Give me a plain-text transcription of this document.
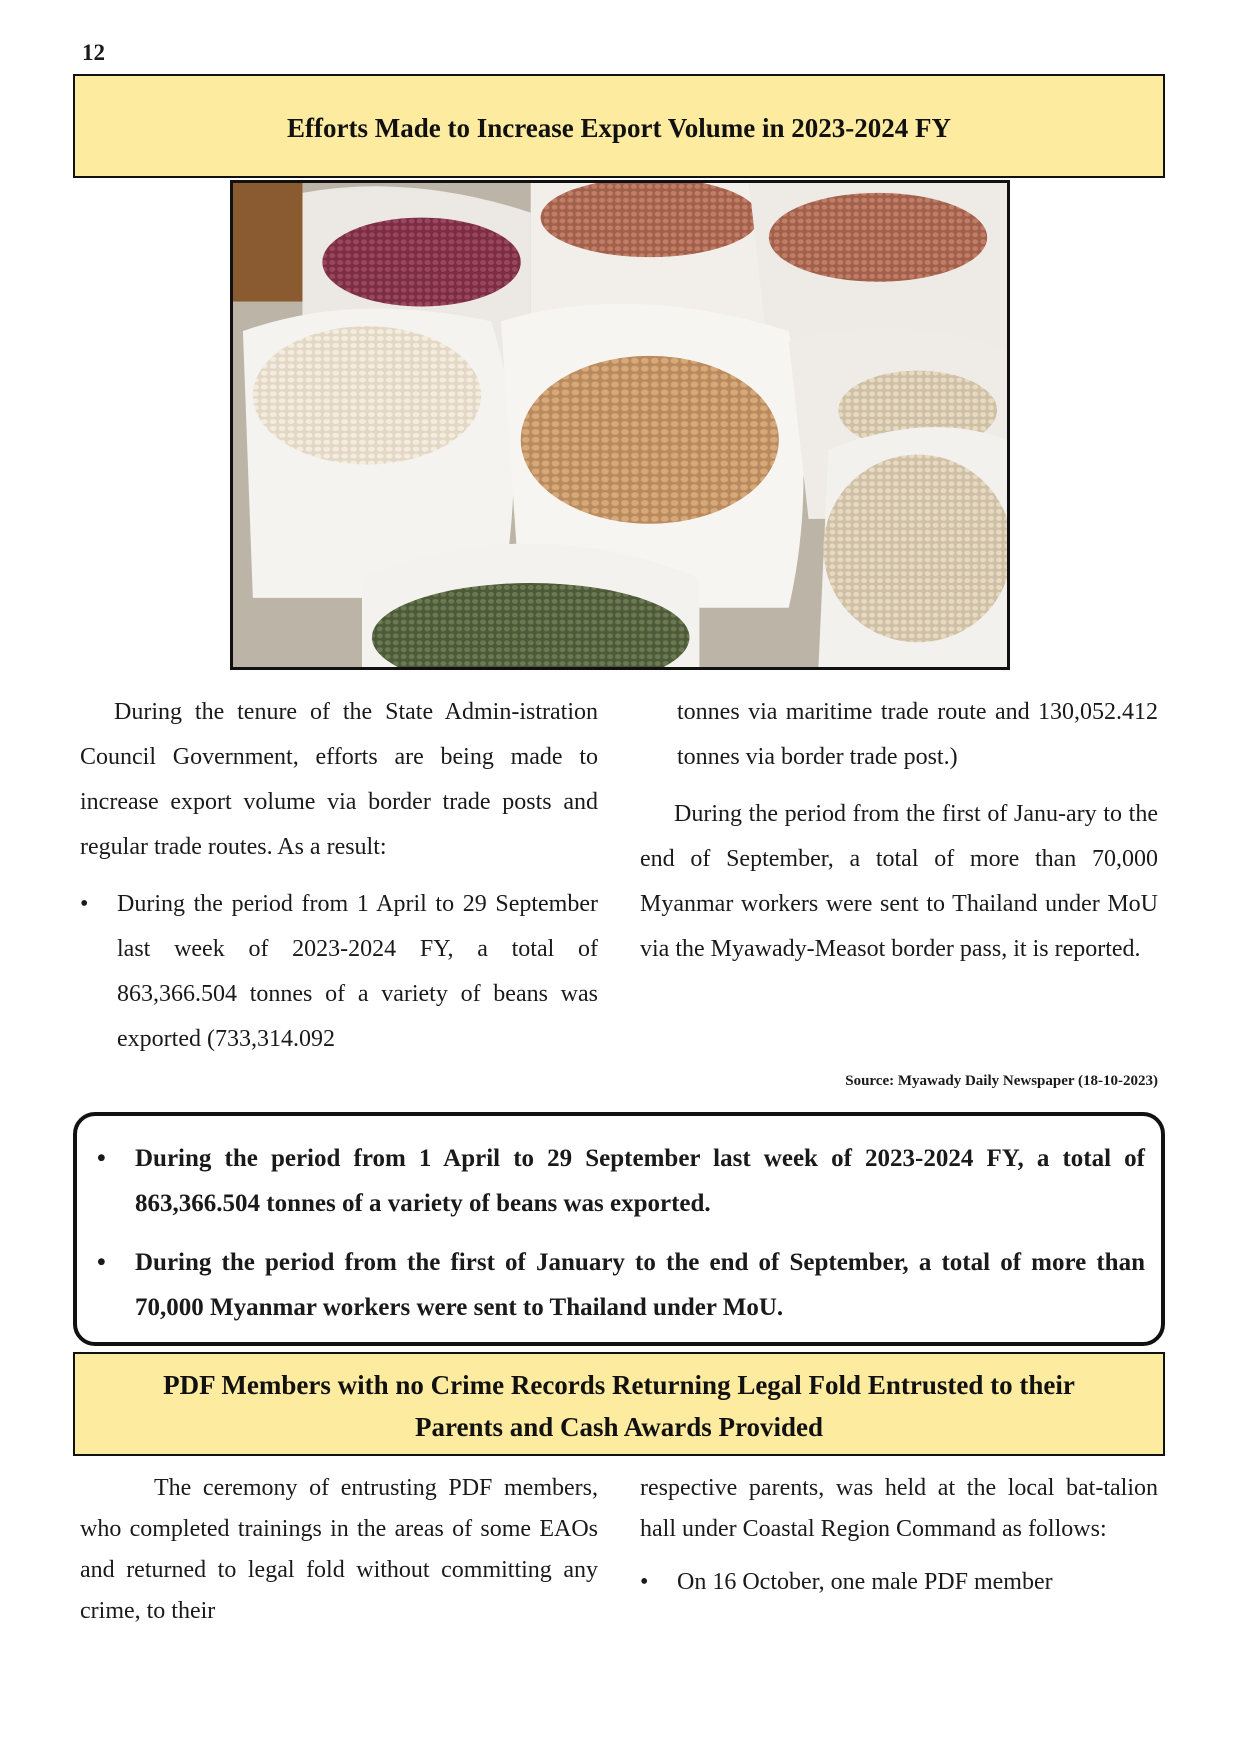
12
Efforts Made to Increase Export Volume in 2023-2024 FY

During the tenure of the State Admin-istration Council Government, efforts are being made to increase export volume via border trade posts and regular trade routes. As a result:

• During the period from 1 April to 29 September last week of 2023-2024 FY, a total of 863,366.504 tonnes of a variety of beans was exported (733,314.092

tonnes via maritime trade route and 130,052.412 tonnes via border trade post.)

During the period from the first of Janu-ary to the end of September, a total of more than 70,000 Myanmar workers were sent to Thailand under MoU via the Myawady-Measot border pass, it is reported.

Source: Myawady Daily Newspaper (18-10-2023)
• During the period from 1 April to 29 September last week of 2023-2024 FY, a total of 863,366.504 tonnes of a variety of beans was exported.
• During the period from the first of January to the end of September, a total of more than 70,000 Myanmar workers were sent to Thailand under MoU.
PDF Members with no Crime Records Returning Legal Fold Entrusted to their
Parents and Cash Awards Provided

The ceremony of entrusting PDF members, who completed trainings in the areas of some EAOs and returned to legal fold without committing any crime, to their

respective parents, was held at the local bat-talion hall under Coastal Region Command as follows:

• On 16 October, one male PDF member
